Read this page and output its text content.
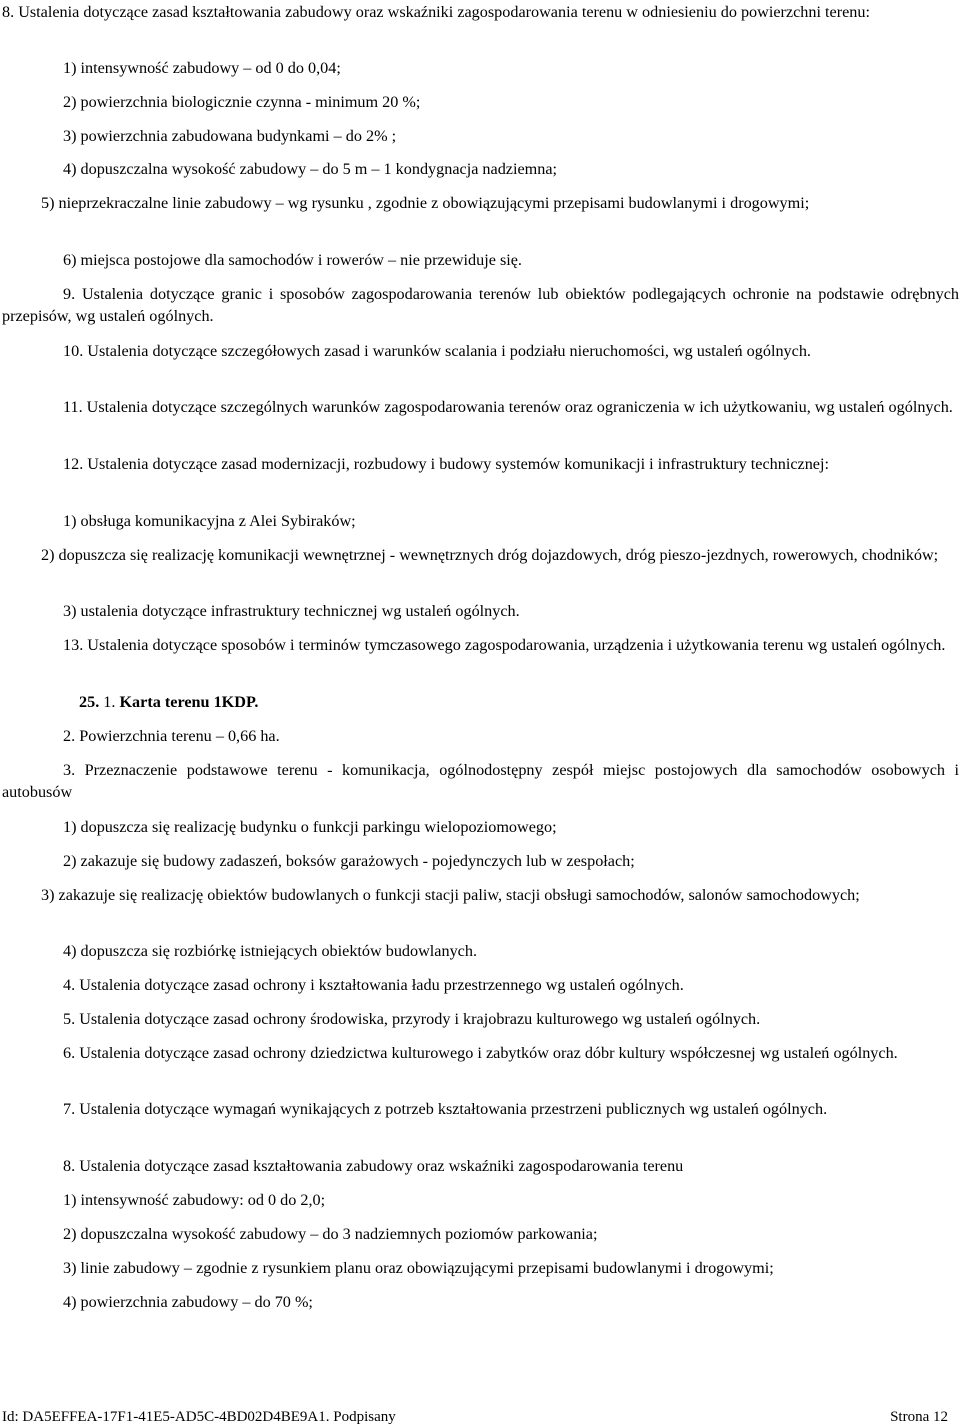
8. Ustalenia dotyczące zasad kształtowania zabudowy oraz wskaźniki zagospodarowania terenu w odniesieniu do powierzchni terenu:

1) intensywność zabudowy – od 0 do 0,04;

2) powierzchnia biologicznie czynna - minimum 20 %;

3) powierzchnia zabudowana budynkami – do 2% ;

4) dopuszczalna wysokość zabudowy – do 5 m – 1 kondygnacja nadziemna;

5) nieprzekraczalne linie zabudowy – wg rysunku , zgodnie z obowiązującymi przepisami budowlanymi i drogowymi;

6) miejsca postojowe dla samochodów i rowerów – nie przewiduje się.

9. Ustalenia dotyczące granic i sposobów zagospodarowania terenów lub obiektów podlegających ochronie na podstawie odrębnych przepisów, wg ustaleń ogólnych.

10. Ustalenia dotyczące szczegółowych zasad i warunków scalania i podziału nieruchomości, wg ustaleń ogólnych.

11. Ustalenia dotyczące szczególnych warunków zagospodarowania terenów oraz ograniczenia w ich użytkowaniu, wg ustaleń ogólnych.

12. Ustalenia dotyczące zasad modernizacji, rozbudowy i budowy systemów komunikacji i infrastruktury technicznej:

1) obsługa komunikacyjna z Alei Sybiraków;

2) dopuszcza się realizację komunikacji wewnętrznej - wewnętrznych dróg dojazdowych, dróg pieszo-jezdnych, rowerowych, chodników;

3) ustalenia dotyczące infrastruktury technicznej wg ustaleń ogólnych.

13. Ustalenia dotyczące sposobów i terminów tymczasowego zagospodarowania, urządzenia i użytkowania terenu wg ustaleń ogólnych.

25. 1. Karta terenu 1KDP.

2. Powierzchnia terenu – 0,66 ha.

3. Przeznaczenie podstawowe terenu - komunikacja, ogólnodostępny zespół miejsc postojowych dla samochodów osobowych i autobusów

1) dopuszcza się realizację budynku o funkcji parkingu wielopoziomowego;

2) zakazuje się budowy zadaszeń, boksów garażowych - pojedynczych lub w zespołach;

3) zakazuje się realizację obiektów budowlanych o funkcji stacji paliw, stacji obsługi samochodów, salonów samochodowych;

4) dopuszcza się rozbiórkę istniejących obiektów budowlanych.

4. Ustalenia dotyczące zasad ochrony i kształtowania ładu przestrzennego wg ustaleń ogólnych.

5. Ustalenia dotyczące zasad ochrony środowiska, przyrody i krajobrazu kulturowego wg ustaleń ogólnych.

6. Ustalenia dotyczące zasad ochrony dziedzictwa kulturowego i zabytków oraz dóbr kultury współczesnej wg ustaleń ogólnych.

7. Ustalenia dotyczące wymagań wynikających z potrzeb kształtowania przestrzeni publicznych wg ustaleń ogólnych.

8. Ustalenia dotyczące zasad kształtowania zabudowy oraz wskaźniki zagospodarowania terenu

1) intensywność zabudowy: od 0 do 2,0;

2) dopuszczalna wysokość zabudowy – do 3 nadziemnych poziomów parkowania;

3) linie zabudowy – zgodnie z rysunkiem planu oraz obowiązującymi przepisami budowlanymi i drogowymi;

4) powierzchnia zabudowy – do 70 %;

Id: DA5EFFEA-17F1-41E5-AD5C-4BD02D4BE9A1. Podpisany	Strona 12
